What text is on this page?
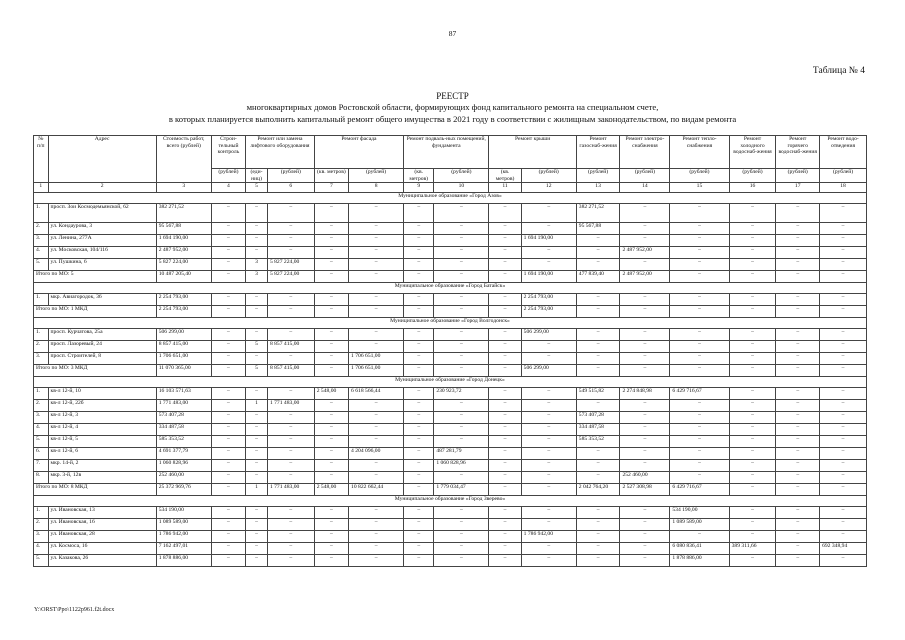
87
Таблица № 4
РЕЕСТР
многоквартирных домов Ростовской области, формирующих фонд капитального ремонта на специальном счете,
в которых планируется выполнить капитальный ремонт общего имущества в 2021 году в соответствии с жилищным законодательством, по видам ремонта
№ п/п	Адрес	Стоимость работ, всего (рублей)	Строи-тельный контроль	Ремонт или замена лифтового оборудования		Ремонт фасада		Ремонт подваль-ных помещений, фундамента		Ремонт крыши		Ремонт газоснаб-жения	Ремонт электро-снабжения	Ремонт тепло-снабжения	Ремонт холодного водоснаб-жения	Ремонт горячего водоснаб-жения	Ремонт водо-отведения
			(рублей)	(еди-ниц)	(рублей)	(кв. метров)	(рублей)	(кв. метров)	(рублей)	(кв. метров)	(рублей)	(рублей)	(рублей)	(рублей)	(рублей)	(рублей)	(рублей)
1	2	3	4	5	6	7	8	9	10	11	12	13	14	15	16	17	18
Муниципальное образование «Город Азов»																	
1.	просп. Зои Космодемьянской, 62	382 271,52	–	–	–	–	–	–	–	–	–	382 271,52	–	–	–	–	–
2.	ул. Кондаурова, 3	95 567,88	–	–	–	–	–	–	–	–	–	95 567,88	–	–	–	–	–
3.	ул. Ленина, 277А	1 694 190,00	–	–	–	–	–	–	–	–	1 694 190,00	–	–	–	–	–	–
4.	ул. Московская, 104/116	2 487 952,00	–	–	–	–	–	–	–	–	–	–	2 487 952,00	–	–	–	–
5.	ул. Пушкина, 6	5 827 224,00	–	3	5 827 224,00	–	–	–	–	–	–	–	–	–	–	–	–
Итого по МО: 5		10 487 205,40	–	3	5 827 224,00	–	–	–	–	–	1 694 190,00	477 839,40	2 487 952,00	–	–	–	–
Муниципальное образование «Город Батайск»																	
1.	мкр. Авиагородок, 36	2 254 793,00	–	–	–	–	–	–	–	–	2 254 793,00	–	–	–	–	–	–
Итого по МО: 1 МКД		2 254 793,00	–	–	–	–	–	–	–	–	2 254 793,00	–	–	–	–	–	–
Муниципальное образование «Город Волгодонск»																	
1.	просп. Курчатова, 25а	506 299,00	–	–	–	–	–	–	–	–	506 299,00	–	–	–	–	–	–
2.	просп. Лазоревый, 24	8 857 415,00	–	5	8 857 415,00	–	–	–	–	–	–	–	–	–	–	–	–
3.	просп. Строителей, 8	1 706 651,00	–	–	–	–	1 706 651,00	–	–	–	–	–	–	–	–	–	–
Итого по МО: 3 МКД		11 070 365,00	–	5	8 857 415,00	–	1 706 651,00	–	–	–	506 299,00	–	–	–	–	–	–
Муниципальное образование «Город Донецк»																	
1.	кв-л 12-й, 10	16 103 571,63	–	–	–	2 548,00	6 618 566,44	–	230 923,72	–	–	549 515,82	2 274 848,98	6 429 716,67	–	–	–
2.	кв-л 12-й, 22б	1 771 483,00	–	1	1 771 483,00	–	–	–	–	–	–	–	–	–	–	–	–
3.	кв-л 12-й, 3	573 407,28	–	–	–	–	–	–	–	–	–	573 407,28	–	–	–	–	–
4.	кв-л 12-й, 4	334 487,58	–	–	–	–	–	–	–	–	–	334 487,58	–	–	–	–	–
5.	кв-л 12-й, 5	585 353,52	–	–	–	–	–	–	–	–	–	585 353,52	–	–	–	–	–
6.	кв-л 12-й, 6	4 691 377,79	–	–	–	–	4 204 096,00	–	487 281,79	–	–	–	–	–	–	–	–
7.	мкр. 14-й, 2	1 060 828,96	–	–	–	–	–	–	1 060 828,96	–	–	–	–	–	–	–	–
8.	мкр. 3-й, 12в	252 460,00	–	–	–	–	–	–	–	–	–	–	252 460,00	–	–	–	–
Итого по МО: 8 МКД		25 372 969,76	–	1	1 771 483,00	2 548,00	10 822 662,44	–	1 779 034,47	–	–	2 042 764,20	2 527 308,98	6 429 716,67	–	–	–
Муниципальное образование «Город Зверево»																	
1.	ул. Ивановская, 13	534 190,00	–	–	–	–	–	–	–	–	–	–	–	534 190,00	–	–	–
2.	ул. Ивановская, 16	1 089 589,00	–	–	–	–	–	–	–	–	–	–	–	1 089 589,00	–	–	–
3.	ул. Ивановская, 28	1 786 942,00	–	–	–	–	–	–	–	–	1 786 942,00	–	–	–	–	–	–
4.	ул. Космоса, 16	7 162 497,01	–	–	–	–	–	–	–	–	–	–	–	6 080 836,41	389 311,66	–	692 348,94
5.	ул. Казакова, 26	1 878 886,00	–	–	–	–	–	–	–	–	–	–	–	1 878 886,00	–	–	–
Y:\ORST\Ppo\1122p961.f2t.docx
